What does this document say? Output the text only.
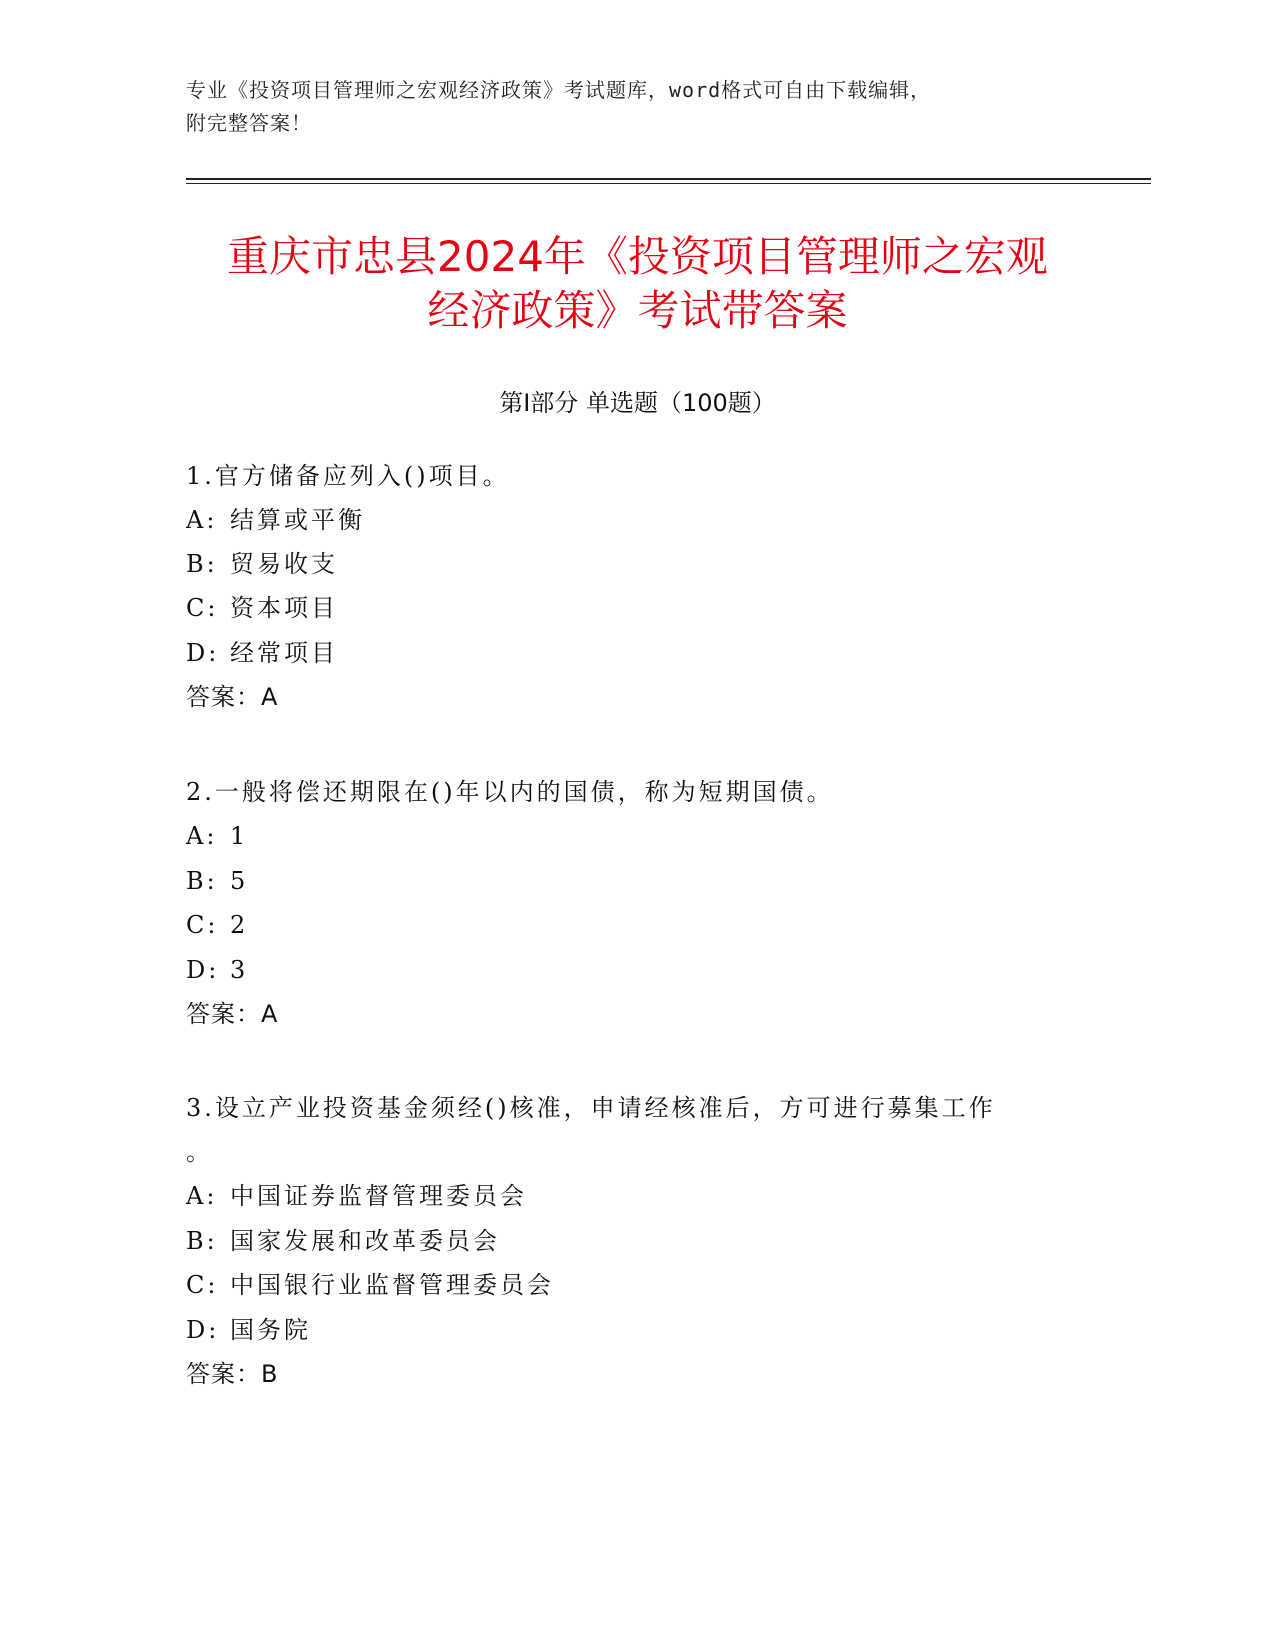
专业《投资项目管理师之宏观经济政策》考试题库，word格式可自由下载编辑，
附完整答案！
重庆市忠县2024年《投资项目管理师之宏观
经济政策》考试带答案
第Ⅰ部分 单选题（100题）
1.官方储备应列入()项目。
A: 结算或平衡
B: 贸易收支
C: 资本项目
D: 经常项目
答案：A
2.一般将偿还期限在()年以内的国债，称为短期国债。
A: 1
B: 5
C: 2
D: 3
答案：A
3.设立产业投资基金须经()核准，申请经核准后，方可进行募集工作
。
A: 中国证券监督管理委员会
B: 国家发展和改革委员会
C: 中国银行业监督管理委员会
D: 国务院
答案：B
